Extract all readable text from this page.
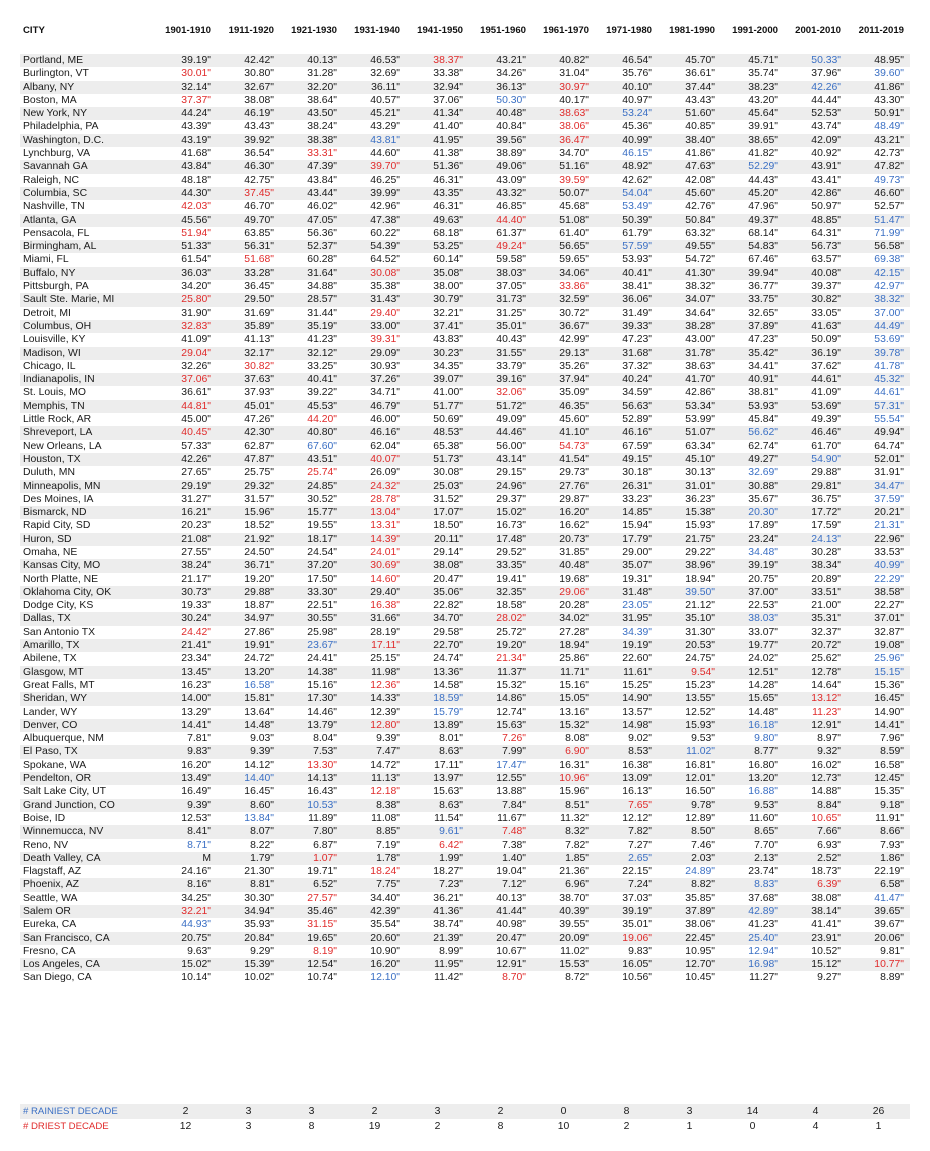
CITY	1901-1910	1911-1920	1921-1930	1931-1940	1941-1950	1951-1960	1961-1970	1971-1980	1981-1990	1991-2000	2001-2010	2011-2019
Portland, ME	39.19"	42.42"	40.13"	46.53"	38.37"	43.21"	40.82"	46.54"	45.70"	45.71"	50.33"	48.95"
Burlington, VT	30.01"	30.80"	31.28"	32.69"	33.38"	34.26"	31.04"	35.76"	36.61"	35.74"	37.96"	39.60"
Albany, NY	32.14"	32.67"	32.20"	36.11"	32.94"	36.13"	30.97"	40.10"	37.44"	38.23"	42.26"	41.86"
Boston, MA	37.37"	38.08"	38.64"	40.57"	37.06"	50.30"	40.17"	40.97"	43.43"	43.20"	44.44"	43.30"
New York, NY	44.24"	46.19"	43.50"	45.21"	41.34"	40.48"	38.63"	53.24"	51.60"	45.64"	52.53"	50.91"
Philadelphia, PA	43.39"	43.43"	38.24"	43.29"	41.40"	40.84"	38.06"	45.36"	40.85"	39.91"	43.74"	48.49"
Washington, D.C.	43.19"	39.92"	38.38"	43.81"	41.95"	39.56"	36.47"	40.99"	38.40"	38.65"	42.09"	43.21"
Lynchburg, VA	41.68"	36.54"	33.31"	44.60"	41.38"	38.89"	34.70"	46.15"	41.86"	41.82"	40.92"	42.73"
Savannah GA	43.84"	46.30"	47.39"	39.70"	51.36"	49.06"	51.16"	48.92"	47.63"	52.29"	43.91"	47.82"
Raleigh, NC	48.18"	42.75"	43.84"	46.25"	46.31"	43.09"	39.59"	42.62"	42.08"	44.43"	43.41"	49.73"
Columbia, SC	44.30"	37.45"	43.44"	39.99"	43.35"	43.32"	50.07"	54.04"	45.60"	45.20"	42.86"	46.60"
Nashville, TN	42.03"	46.70"	46.02"	42.96"	46.31"	46.85"	45.68"	53.49"	42.76"	47.96"	50.97"	52.57"
Atlanta, GA	45.56"	49.70"	47.05"	47.38"	49.63"	44.40"	51.08"	50.39"	50.84"	49.37"	48.85"	51.47"
Pensacola, FL	51.94"	63.85"	56.36"	60.22"	68.18"	61.37"	61.40"	61.79"	63.32"	68.14"	64.31"	71.99"
Birmingham, AL	51.33"	56.31"	52.37"	54.39"	53.25"	49.24"	56.65"	57.59"	49.55"	54.83"	56.73"	56.58"
Miami, FL	61.54"	51.68"	60.28"	64.52"	60.14"	59.58"	59.65"	53.93"	54.72"	67.46"	63.57"	69.38"
Buffalo, NY	36.03"	33.28"	31.64"	30.08"	35.08"	38.03"	34.06"	40.41"	41.30"	39.94"	40.08"	42.15"
Pittsburgh, PA	34.20"	36.45"	34.88"	35.38"	38.00"	37.05"	33.86"	38.41"	38.32"	36.77"	39.37"	42.97"
Sault Ste. Marie, MI	25.80"	29.50"	28.57"	31.43"	30.79"	31.73"	32.59"	36.06"	34.07"	33.75"	30.82"	38.32"
Detroit, MI	31.90"	31.69"	31.44"	29.40"	32.21"	31.25"	30.72"	31.49"	34.64"	32.65"	33.05"	37.00"
Columbus, OH	32.83"	35.89"	35.19"	33.00"	37.41"	35.01"	36.67"	39.33"	38.28"	37.89"	41.63"	44.49"
Louisville, KY	41.09"	41.13"	41.23"	39.31"	43.83"	40.43"	42.99"	47.23"	43.00"	47.23"	50.09"	53.69"
Madison, WI	29.04"	32.17"	32.12"	29.09"	30.23"	31.55"	29.13"	31.68"	31.78"	35.42"	36.19"	39.78"
Chicago, IL	32.26"	30.82"	33.25"	30.93"	34.35"	33.79"	35.26"	37.32"	38.63"	34.41"	37.62"	41.78"
Indianapolis, IN	37.06"	37.63"	40.41"	37.26"	39.07"	39.16"	37.94"	40.24"	41.70"	40.91"	44.61"	45.32"
St. Louis, MO	36.61"	37.93"	39.22"	34.71"	41.00"	32.06"	35.09"	34.59"	42.86"	38.81"	41.09"	44.61"
Memphis, TN	44.81"	45.01"	45.53"	46.79"	51.77"	51.72"	46.35"	56.63"	53.34"	53.93"	53.69"	57.31"
Little Rock, AR	45.00"	47.26"	44.20"	46.00"	50.69"	49.09"	45.60"	52.89"	53.99"	45.84"	49.39"	55.54"
Shreveport, LA	40.45"	42.30"	40.80"	46.16"	48.53"	44.46"	41.10"	46.16"	51.07"	56.62"	46.46"	49.94"
New Orleans, LA	57.33"	62.87"	67.60"	62.04"	65.38"	56.00"	54.73"	67.59"	63.34"	62.74"	61.70"	64.74"
Houston, TX	42.26"	47.87"	43.51"	40.07"	51.73"	43.14"	41.54"	49.15"	45.10"	49.27"	54.90"	52.01"
Duluth, MN	27.65"	25.75"	25.74"	26.09"	30.08"	29.15"	29.73"	30.18"	30.13"	32.69"	29.88"	31.91"
Minneapolis, MN	29.19"	29.32"	24.85"	24.32"	25.03"	24.96"	27.76"	26.31"	31.01"	30.88"	29.81"	34.47"
Des Moines, IA	31.27"	31.57"	30.52"	28.78"	31.52"	29.37"	29.87"	33.23"	36.23"	35.67"	36.75"	37.59"
Bismarck, ND	16.21"	15.96"	15.77"	13.04"	17.07"	15.02"	16.20"	14.85"	15.38"	20.30"	17.72"	20.21"
Rapid City, SD	20.23"	18.52"	19.55"	13.31"	18.50"	16.73"	16.62"	15.94"	15.93"	17.89"	17.59"	21.31"
Huron, SD	21.08"	21.92"	18.17"	14.39"	20.11"	17.48"	20.73"	17.79"	21.75"	23.24"	24.13"	22.96"
Omaha, NE	27.55"	24.50"	24.54"	24.01"	29.14"	29.52"	31.85"	29.00"	29.22"	34.48"	30.28"	33.53"
Kansas City, MO	38.24"	36.71"	37.20"	30.69"	38.08"	33.35"	40.48"	35.07"	38.96"	39.19"	38.34"	40.99"
North Platte, NE	21.17"	19.20"	17.50"	14.60"	20.47"	19.41"	19.68"	19.31"	18.94"	20.75"	20.89"	22.29"
Oklahoma City, OK	30.73"	29.88"	33.30"	29.40"	35.06"	32.35"	29.06"	31.48"	39.50"	37.00"	33.51"	38.58"
Dodge City, KS	19.33"	18.87"	22.51"	16.38"	22.82"	18.58"	20.28"	23.05"	21.12"	22.53"	21.00"	22.27"
Dallas, TX	30.24"	34.97"	30.55"	31.66"	34.70"	28.02"	34.02"	31.95"	35.10"	38.03"	35.31"	37.01"
San Antonio TX	24.42"	27.86"	25.98"	28.19"	29.58"	25.72"	27.28"	34.39"	31.30"	33.07"	32.37"	32.87"
Amarillo, TX	21.41"	19.91"	23.67"	17.11"	22.70"	19.20"	18.94"	19.19"	20.53"	19.77"	20.72"	19.08"
Abilene, TX	23.34"	24.72"	24.41"	25.15"	24.74"	21.34"	25.86"	22.60"	24.75"	24.02"	25.62"	25.96"
Glasgow, MT	13.45"	13.20"	14.38"	11.98"	13.36"	11.37"	11.71"	11.61"	9.54"	12.51"	12.78"	15.15"
Great Falls, MT	16.23"	16.58"	15.16"	12.36"	14.58"	15.32"	15.16"	15.25"	15.23"	14.28"	14.64"	15.36"
Sheridan, WY	14.00"	15.81"	17.30"	14.33"	18.59"	14.86"	15.05"	14.90"	13.55"	15.65"	13.12"	16.45"
Lander, WY	13.29"	13.64"	14.46"	12.39"	15.79"	12.74"	13.16"	13.57"	12.52"	14.48"	11.23"	14.90"
Denver, CO	14.41"	14.48"	13.79"	12.80"	13.89"	15.63"	15.32"	14.98"	15.93"	16.18"	12.91"	14.41"
Albuquerque, NM	7.81"	9.03"	8.04"	9.39"	8.01"	7.26"	8.08"	9.02"	9.53"	9.80"	8.97"	7.96"
El Paso, TX	9.83"	9.39"	7.53"	7.47"	8.63"	7.99"	6.90"	8.53"	11.02"	8.77"	9.32"	8.59"
Spokane, WA	16.20"	14.12"	13.30"	14.72"	17.11"	17.47"	16.31"	16.38"	16.81"	16.80"	16.02"	16.58"
Pendelton, OR	13.49"	14.40"	14.13"	11.13"	13.97"	12.55"	10.96"	13.09"	12.01"	13.20"	12.73"	12.45"
Salt Lake City, UT	16.49"	16.45"	16.43"	12.18"	15.63"	13.88"	15.96"	16.13"	16.50"	16.88"	14.88"	15.35"
Grand Junction, CO	9.39"	8.60"	10.53"	8.38"	8.63"	7.84"	8.51"	7.65"	9.78"	9.53"	8.84"	9.18"
Boise, ID	12.53"	13.84"	11.89"	11.08"	11.54"	11.67"	11.32"	12.12"	12.89"	11.60"	10.65"	11.91"
Winnemucca, NV	8.41"	8.07"	7.80"	8.85"	9.61"	7.48"	8.32"	7.82"	8.50"	8.65"	7.66"	8.66"
Reno, NV	8.71"	8.22"	6.87"	7.19"	6.42"	7.38"	7.82"	7.27"	7.46"	7.70"	6.93"	7.93"
Death Valley, CA	M	1.79"	1.07"	1.78"	1.99"	1.40"	1.85"	2.65"	2.03"	2.13"	2.52"	1.86"
Flagstaff, AZ	24.16"	21.30"	19.71"	18.24"	18.27"	19.04"	21.36"	22.15"	24.89"	23.74"	18.73"	22.19"
Phoenix, AZ	8.16"	8.81"	6.52"	7.75"	7.23"	7.12"	6.96"	7.24"	8.82"	8.83"	6.39"	6.58"
Seattle, WA	34.25"	30.30"	27.57"	34.40"	36.21"	40.13"	38.70"	37.03"	35.85"	37.68"	38.08"	41.47"
Salem OR	32.21"	34.94"	35.46"	42.39"	41.36"	41.44"	40.39"	39.19"	37.89"	42.89"	38.14"	39.65"
Eureka, CA	44.93"	35.93"	31.15"	35.54"	38.74"	40.98"	39.55"	35.01"	38.06"	41.23"	41.41"	39.67"
San Francisco, CA	20.75"	20.84"	19.65"	20.60"	21.39"	20.47"	20.09"	19.06"	22.45"	25.40"	23.91"	20.06"
Fresno, CA	9.63"	9.29"	8.19"	10.90"	8.99"	10.67"	11.02"	9.83"	10.95"	12.94"	10.52"	9.81"
Los Angeles, CA	15.02"	15.39"	12.54"	16.20"	11.95"	12.91"	15.53"	16.05"	12.70"	16.98"	15.12"	10.77"
San Diego, CA	10.14"	10.02"	10.74"	12.10"	11.42"	8.70"	8.72"	10.56"	10.45"	11.27"	9.27"	8.89"
# RAINIEST DECADE	2	3	3	2	3	2	0	8	3	14	4	26
# DRIEST DECADE	12	3	8	19	2	8	10	2	1	0	4	1
